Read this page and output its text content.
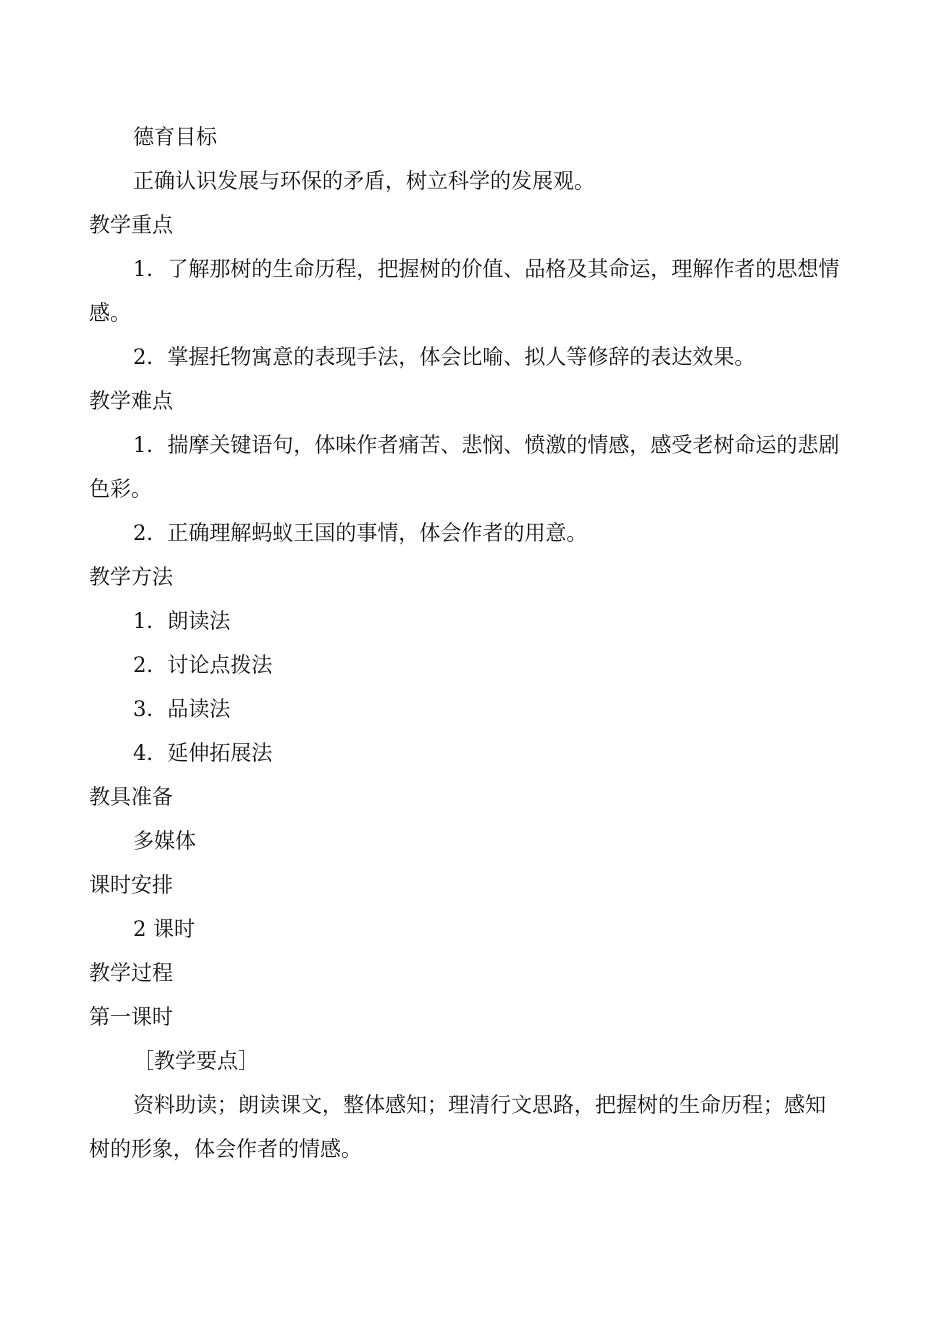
德育目标
正确认识发展与环保的矛盾，树立科学的发展观。
教学重点
1．了解那树的生命历程，把握树的价值、品格及其命运，理解作者的思想情
感。
2．掌握托物寓意的表现手法，体会比喻、拟人等修辞的表达效果。
教学难点
1．揣摩关键语句，体味作者痛苦、悲悯、愤激的情感，感受老树命运的悲剧
色彩。
2．正确理解蚂蚁王国的事情，体会作者的用意。
教学方法
1．朗读法
2．讨论点拨法
3．品读法
4．延伸拓展法
教具准备
多媒体
课时安排
2 课时
教学过程
第一课时
［教学要点］
资料助读；朗读课文，整体感知；理清行文思路，把握树的生命历程；感知
树的形象，体会作者的情感。
